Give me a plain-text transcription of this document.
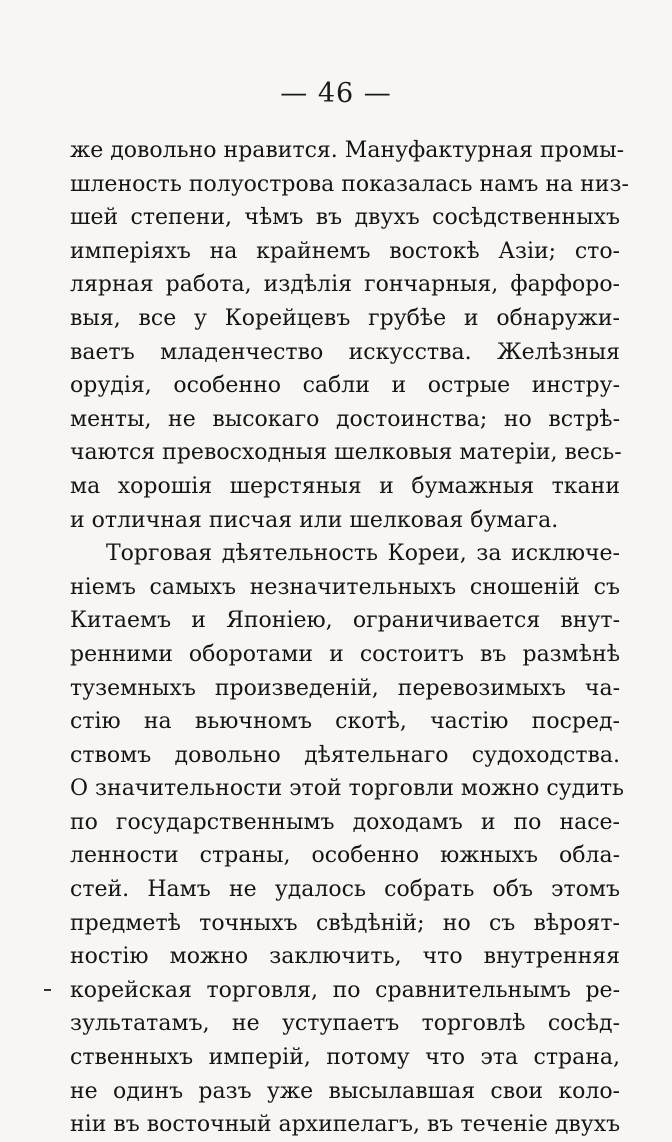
— 46 —
же довольно нравится. Мануфактурная промы-
шленость полуострова показалась намъ на низ-
шей степени, чѣмъ въ двухъ сосѣдственныхъ
имперіяхъ на крайнемъ востокѣ Азіи; сто-
лярная работа, издѣлія гончарныя, фарфоро-
выя, все у Корейцевъ грубѣе и обнаружи-
ваетъ младенчество искусства. Желѣзныя
орудія, особенно сабли и острые инстру-
менты, не высокаго достоинства; но встрѣ-
чаются превосходныя шелковыя матеріи, весь-
ма хорошія шерстяныя и бумажныя ткани
и отличная писчая или шелковая бумага.
Торговая дѣятельность Кореи, за исключе-
ніемъ самыхъ незначительныхъ сношеній съ
Китаемъ и Японіею, ограничивается внут-
ренними оборотами и состоитъ въ размѣнѣ
туземныхъ произведеній, перевозимыхъ ча-
стію на вьючномъ скотѣ, частію посред-
ствомъ довольно дѣятельнаго судоходства.
О значительности этой торговли можно судить
по государственнымъ доходамъ и по насе-
ленности страны, особенно южныхъ обла-
стей. Намъ не удалось собрать объ этомъ
предметѣ точныхъ свѣдѣній; но съ вѣроят-
ностію можно заключить, что внутренняя
корейская торговля, по сравнительнымъ ре-
зультатамъ, не уступаетъ торговлѣ сосѣд-
ственныхъ имперій, потому что эта страна,
не одинъ разъ уже высылавшая свои коло-
ніи въ восточный архипелагъ, въ теченіе двухъ
